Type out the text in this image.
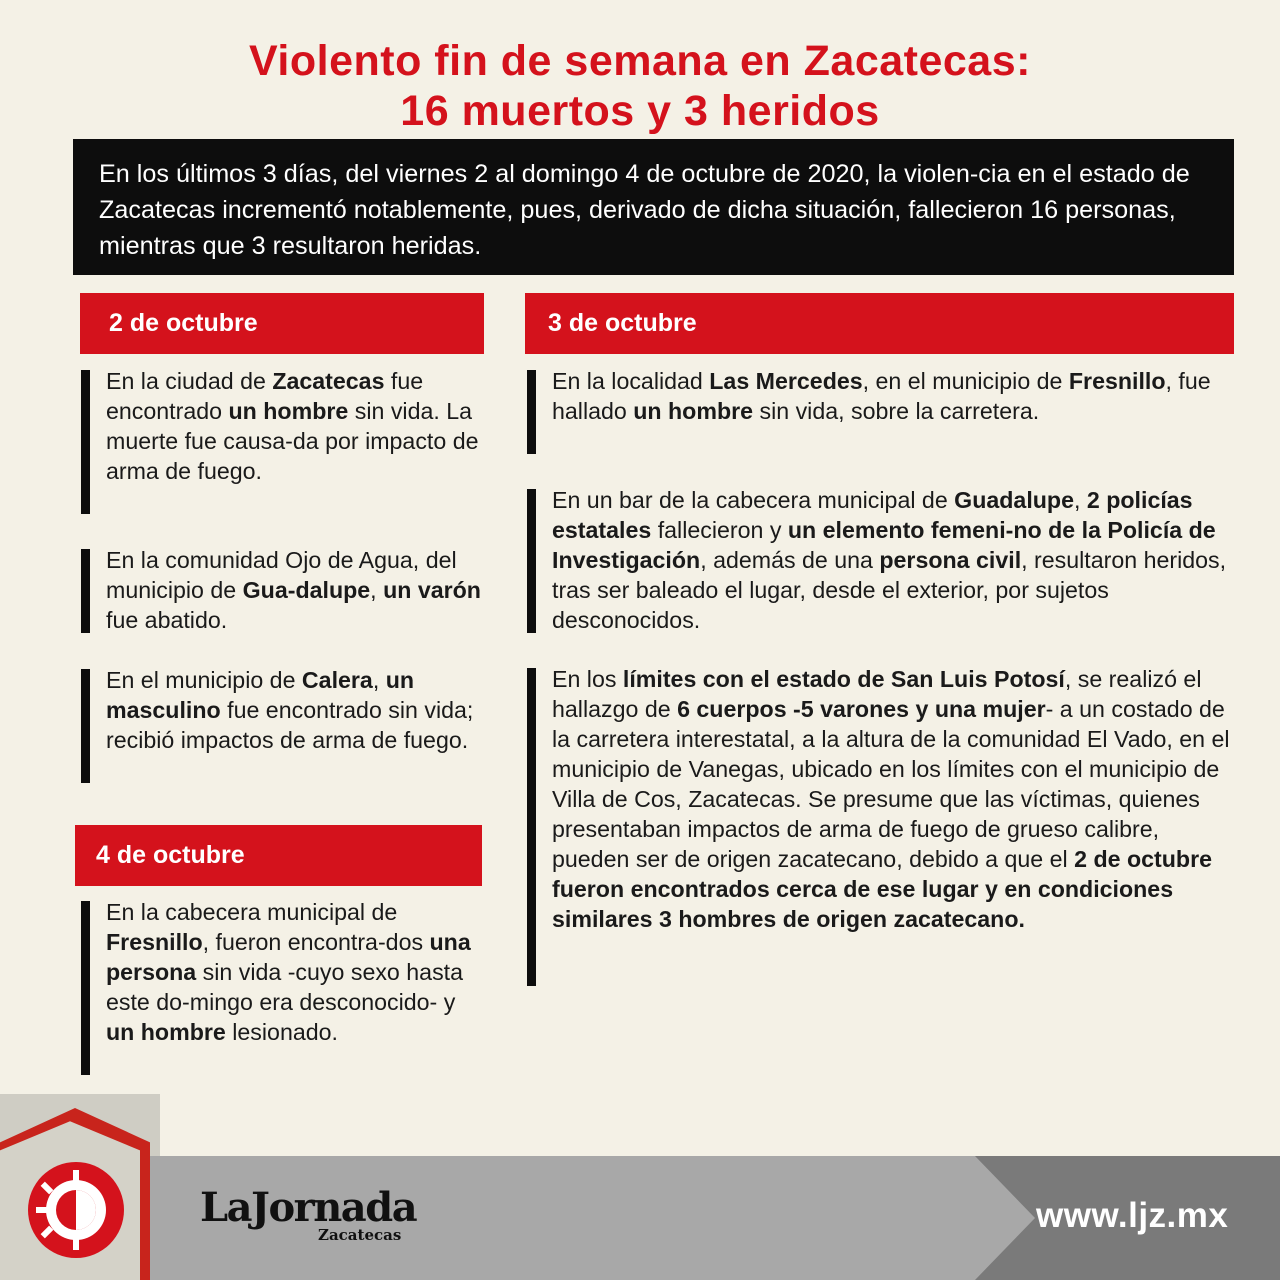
Violento fin de semana en Zacatecas:
16 muertos y 3 heridos

En los últimos 3 días, del viernes 2 al domingo 4 de octubre de 2020, la violen-cia en el estado de Zacatecas incrementó notablemente, pues, derivado de dicha situación, fallecieron 16 personas, mientras que 3 resultaron heridas.

2 de octubre
En la ciudad de Zacatecas fue encontrado un hombre sin vida. La muerte fue causa-da por impacto de arma de fuego.
En la comunidad Ojo de Agua, del municipio de Gua-dalupe, un varón fue abatido.
En el municipio de Calera, un masculino fue encontrado sin vida; recibió impactos de arma de fuego.
4 de octubre
En la cabecera municipal de Fresnillo, fueron encontra-dos una persona sin vida -cuyo sexo hasta este do-mingo era desconocido- y un hombre lesionado.
3 de octubre
En la localidad Las Mercedes, en el municipio de Fresnillo, fue hallado un hombre sin vida, sobre la carretera.
En un bar de la cabecera municipal de Guadalupe, 2 policías estatales fallecieron y un elemento femeni-no de la Policía de Investigación, además de una persona civil, resultaron heridos, tras ser baleado el lugar, desde el exterior, por sujetos desconocidos.
En los límites con el estado de San Luis Potosí, se realizó el hallazgo de 6 cuerpos -5 varones y una mujer- a un costado de la carretera interestatal, a la altura de la comunidad El Vado, en el municipio de Vanegas, ubicado en los límites con el municipio de Villa de Cos, Zacatecas. Se presume que las víctimas, quienes presentaban impactos de arma de fuego de grueso calibre, pueden ser de origen zacatecano, debido a que el 2 de octubre fueron encontrados cerca de ese lugar y en condiciones similares 3 hombres de origen zacatecano.
LaJornada
Zacatecas	www.ljz.mx
